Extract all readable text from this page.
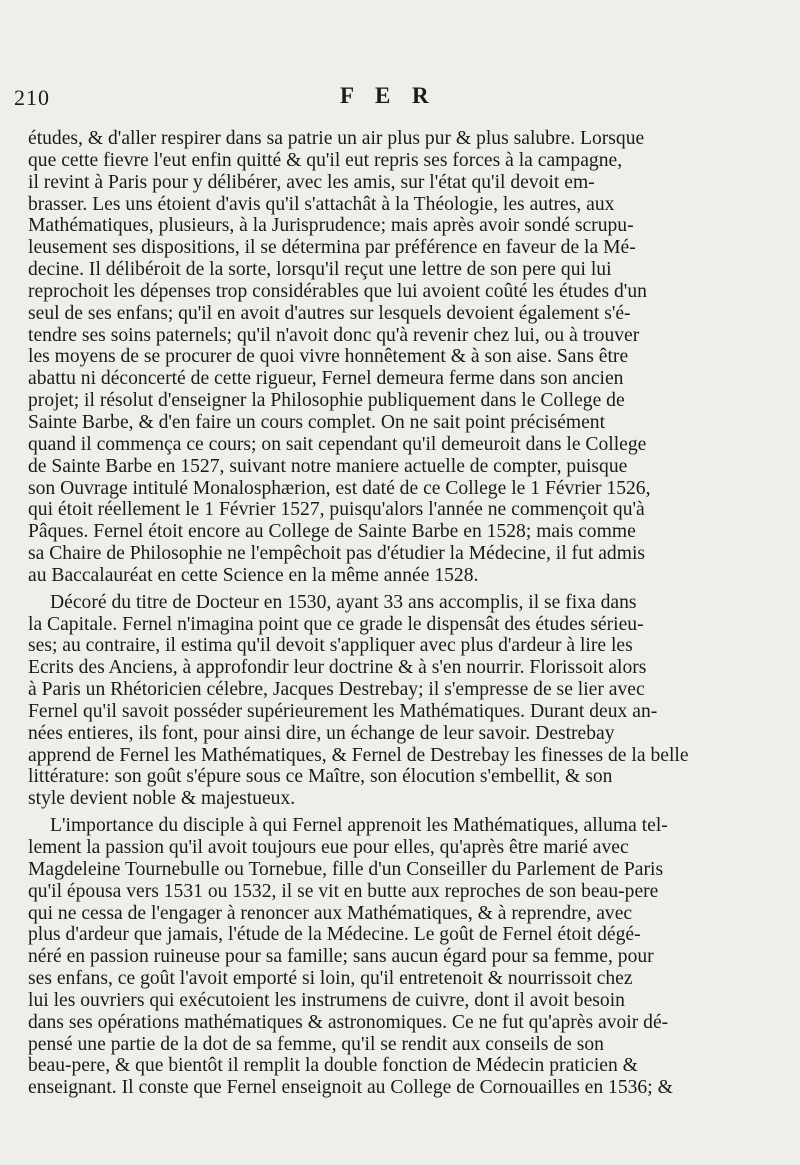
210	F E R
études, & d'aller respirer dans sa patrie un air plus pur & plus salubre. Lorsque
que cette fievre l'eut enfin quitté & qu'il eut repris ses forces à la campagne,
il revint à Paris pour y délibérer, avec les amis, sur l'état qu'il devoit em-
brasser. Les uns étoient d'avis qu'il s'attachât à la Théologie, les autres, aux
Mathématiques, plusieurs, à la Jurisprudence; mais après avoir sondé scrupu-
leusement ses dispositions, il se détermina par préférence en faveur de la Mé-
decine. Il délibéroit de la sorte, lorsqu'il reçut une lettre de son pere qui lui
reprochoit les dépenses trop considérables que lui avoient coûté les études d'un
seul de ses enfans; qu'il en avoit d'autres sur lesquels devoient également s'é-
tendre ses soins paternels; qu'il n'avoit donc qu'à revenir chez lui, ou à trouver
les moyens de se procurer de quoi vivre honnêtement & à son aise. Sans être
abattu ni déconcerté de cette rigueur, Fernel demeura ferme dans son ancien
projet; il résolut d'enseigner la Philosophie publiquement dans le College de
Sainte Barbe, & d'en faire un cours complet. On ne sait point précisément
quand il commença ce cours; on sait cependant qu'il demeuroit dans le College
de Sainte Barbe en 1527, suivant notre maniere actuelle de compter, puisque
son Ouvrage intitulé Monalosphærion, est daté de ce College le 1 Février 1526,
qui étoit réellement le 1 Février 1527, puisqu'alors l'année ne commençoit qu'à
Pâques. Fernel étoit encore au College de Sainte Barbe en 1528; mais comme
sa Chaire de Philosophie ne l'empêchoit pas d'étudier la Médecine, il fut admis
au Baccalauréat en cette Science en la même année 1528.
Décoré du titre de Docteur en 1530, ayant 33 ans accomplis, il se fixa dans
la Capitale. Fernel n'imagina point que ce grade le dispensât des études sérieu-
ses; au contraire, il estima qu'il devoit s'appliquer avec plus d'ardeur à lire les
Ecrits des Anciens, à approfondir leur doctrine & à s'en nourrir. Florissoit alors
à Paris un Rhétoricien célebre, Jacques Destrebay; il s'empresse de se lier avec
Fernel qu'il savoit posséder supérieurement les Mathématiques. Durant deux an-
nées entieres, ils font, pour ainsi dire, un échange de leur savoir. Destrebay
apprend de Fernel les Mathématiques, & Fernel de Destrebay les finesses de la belle
littérature: son goût s'épure sous ce Maître, son élocution s'embellit, & son
style devient noble & majestueux.
L'importance du disciple à qui Fernel apprenoit les Mathématiques, alluma tel-
lement la passion qu'il avoit toujours eue pour elles, qu'après être marié avec
Magdeleine Tournebulle ou Tornebue, fille d'un Conseiller du Parlement de Paris
qu'il épousa vers 1531 ou 1532, il se vit en butte aux reproches de son beau-pere
qui ne cessa de l'engager à renoncer aux Mathématiques, & à reprendre, avec
plus d'ardeur que jamais, l'étude de la Médecine. Le goût de Fernel étoit dégé-
néré en passion ruineuse pour sa famille; sans aucun égard pour sa femme, pour
ses enfans, ce goût l'avoit emporté si loin, qu'il entretenoit & nourrissoit chez
lui les ouvriers qui exécutoient les instrumens de cuivre, dont il avoit besoin
dans ses opérations mathématiques & astronomiques. Ce ne fut qu'après avoir dé-
pensé une partie de la dot de sa femme, qu'il se rendit aux conseils de son
beau-pere, & que bientôt il remplit la double fonction de Médecin praticien &
enseignant. Il conste que Fernel enseignoit au College de Cornouailles en 1536; &
